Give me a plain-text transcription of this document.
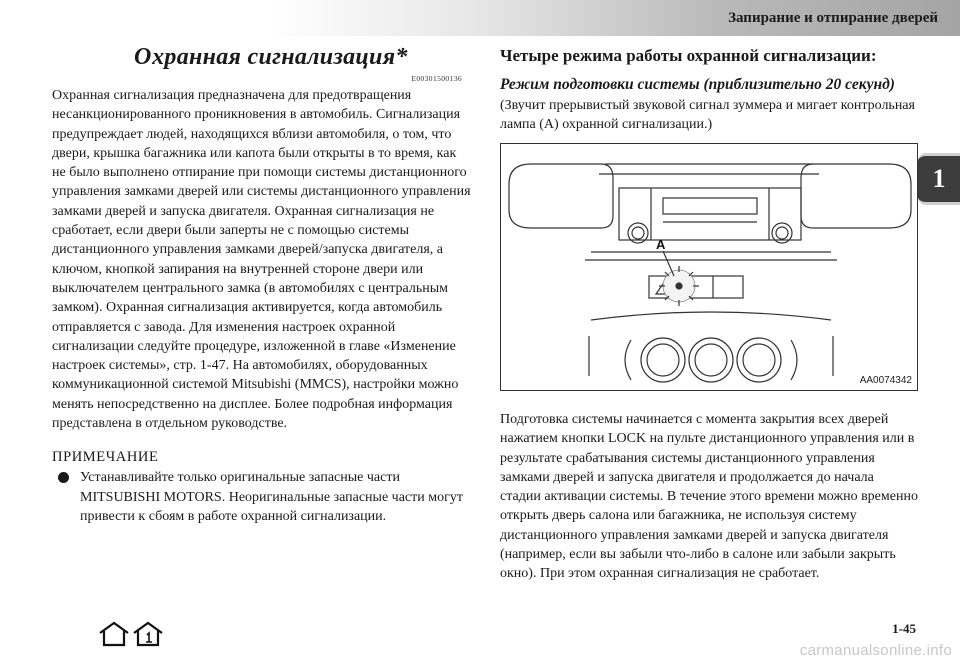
Запирание и отпирание дверей
1
Охранная сигнализация*
E00301500136

Охранная сигнализация предназначена для предотвращения несанкционированного проникновения в автомобиль. Сигнализация предупреждает людей, находящихся вблизи автомобиля, о том, что двери, крышка багажника или капота были открыты в то время, как не было выполнено отпирание при помощи системы дистанционного управления замками дверей или системы дистанционного управления замками дверей и запуска двигателя. Охранная сигнализация не сработает, если двери были заперты не с помощью системы дистанционного управления замками дверей/запуска двигателя, а ключом, кнопкой запирания на внутренней стороне двери или выключателем центрального замка (в автомобилях с центральным замком). Охранная сигнализация активируется, когда автомобиль отправляется с завода. Для изменения настроек охранной сигнализации следуйте процедуре, изложенной в главе «Изменение настроек системы», стр. 1-47. На автомобилях, оборудованных коммуникационной системой Mitsubishi (MMCS), настройки можно менять непосредственно на дисплее. Более подробная информация представлена в отдельном руководстве.

ПРИМЕЧАНИЕ
Устанавливайте только оригинальные запасные части MITSUBISHI MOTORS. Неоригинальные запасные части могут привести к сбоям в работе охранной сигнализации.
Четыре режима работы охранной сигнализации:
Режим подготовки системы (приблизительно 20 секунд)
(Звучит прерывистый звуковой сигнал зуммера и мигает контрольная лампа (A) охранной сигнализации.)
A
AA0074342
Подготовка системы начинается с момента закрытия всех дверей нажатием кнопки LOCK на пульте дистанционного управления или в результате срабатывания системы дистанционного управления замками дверей и запуска двигателя и продолжается до начала стадии активации системы. В течение этого времени можно временно открыть дверь салона или багажника, не используя систему дистанционного управления замками дверей и запуска двигателя (например, если вы забыли что-либо в салоне или забыли закрыть окно). При этом охранная сигнализация не сработает.
1-45
carmanualsonline.info
